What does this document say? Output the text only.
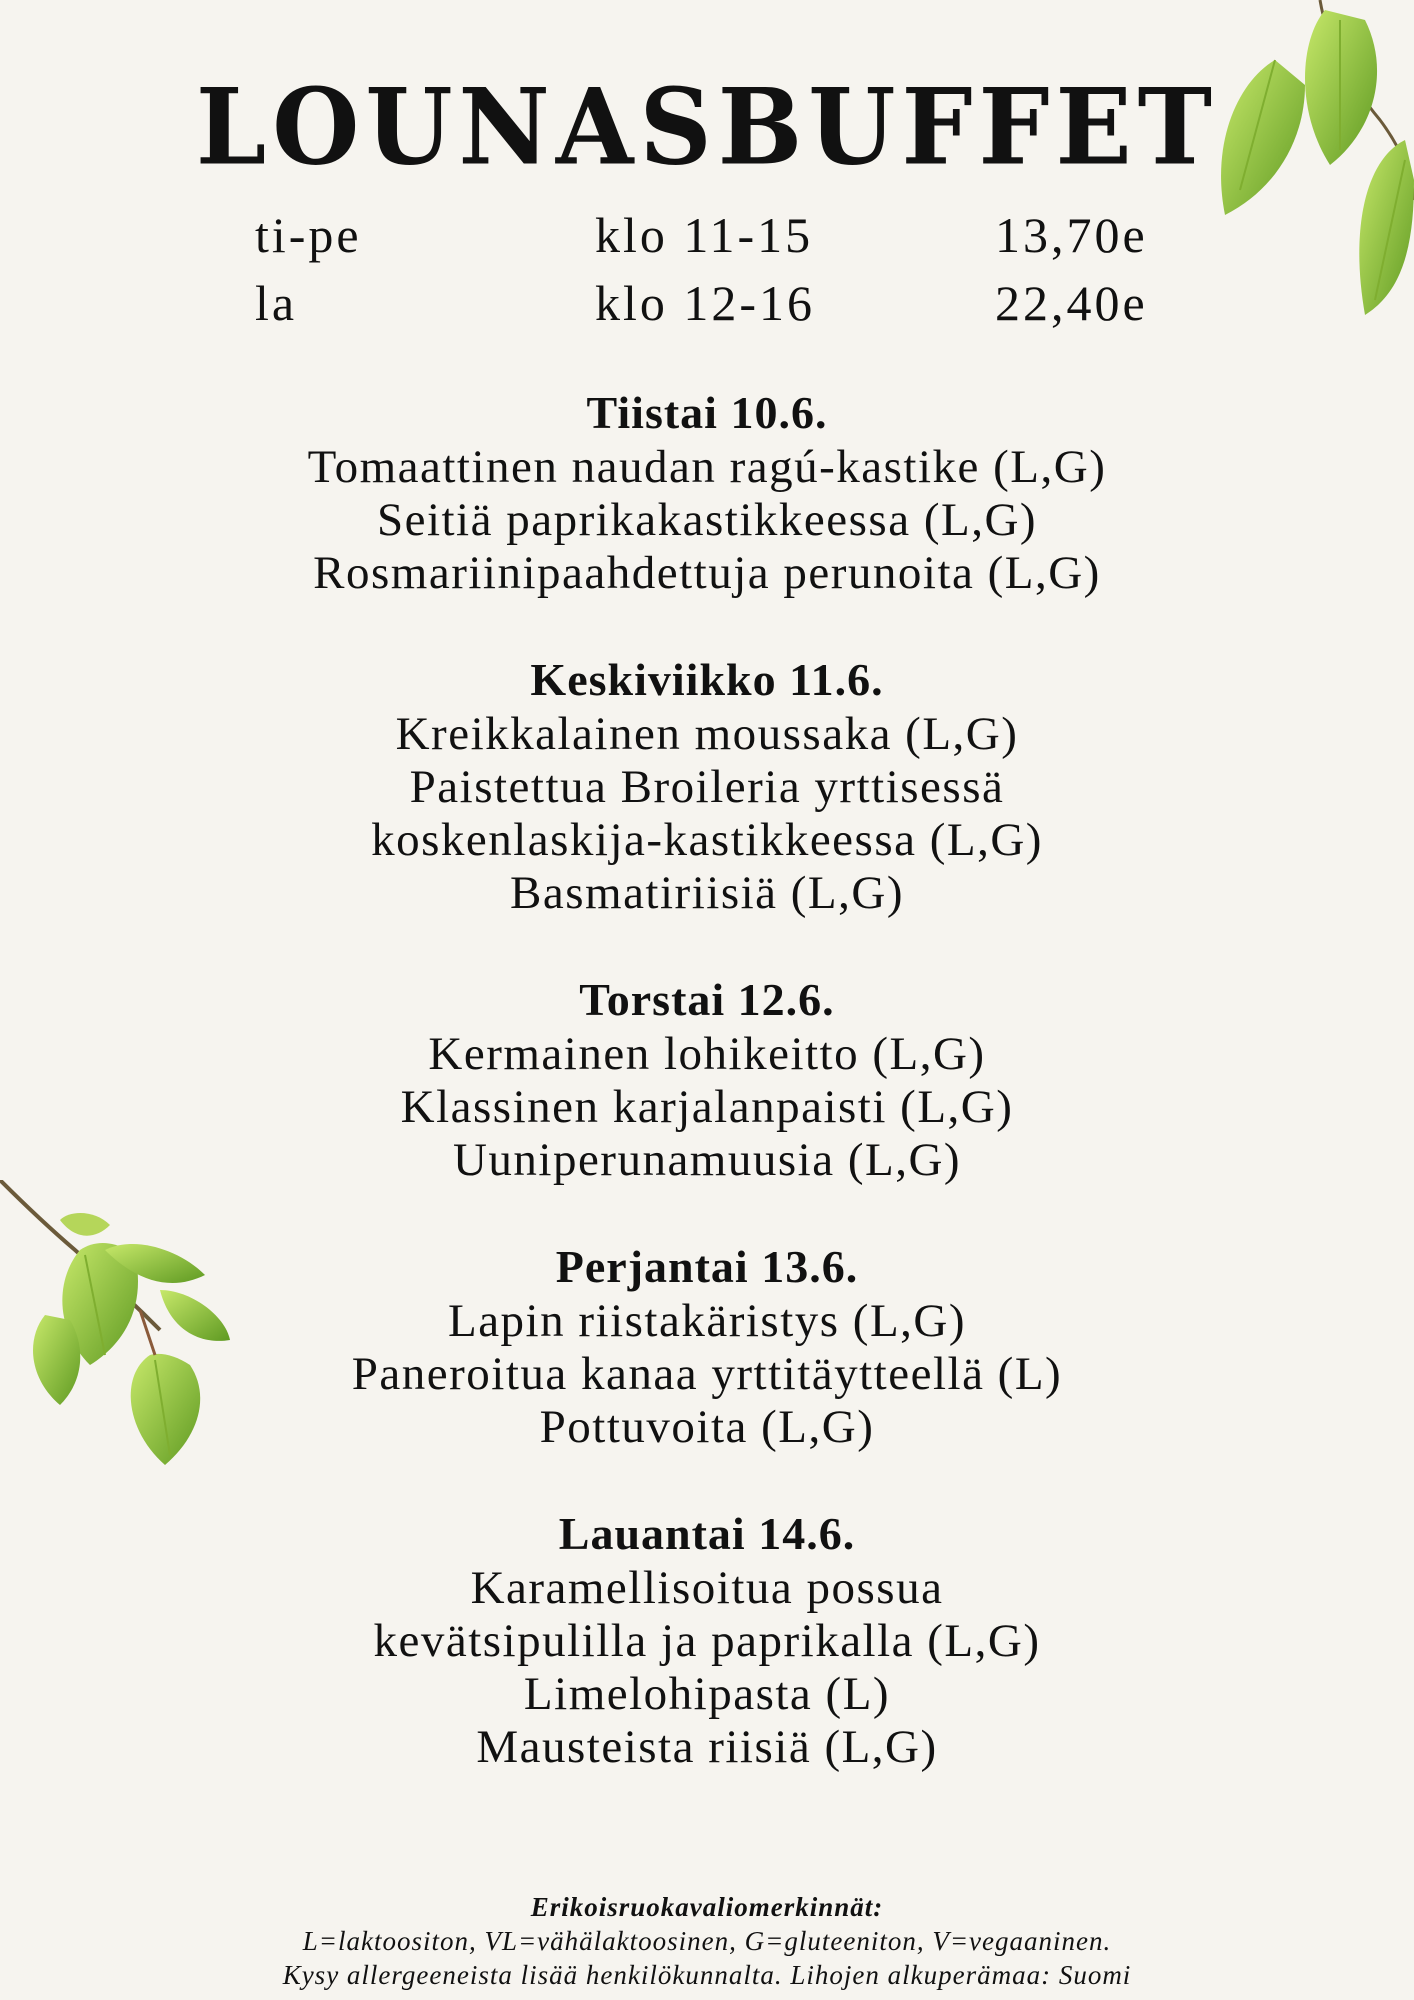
LOUNASBUFFET
ti-pe	klo 11-15	13,70e
la	klo 12-16	22,40e
Tiistai 10.6.
Tomaattinen naudan ragú-kastike (L,G)
Seitiä paprikakastikkeessa (L,G)
Rosmariinipaahdettuja perunoita (L,G)
Keskiviikko 11.6.
Kreikkalainen moussaka (L,G)
Paistettua Broileria yrttisessä
koskenlaskija-kastikkeessa (L,G)
Basmatiriisiä (L,G)
Torstai 12.6.
Kermainen lohikeitto (L,G)
Klassinen karjalanpaisti (L,G)
Uuniperunamuusia (L,G)
Perjantai 13.6.
Lapin riistakäristys (L,G)
Paneroitua kanaa yrttitäytteellä (L)
Pottuvoita (L,G)
Lauantai 14.6.
Karamellisoitua possua
kevätsipulilla ja paprikalla (L,G)
Limelohipasta (L)
Mausteista riisiä (L,G)
Erikoisruokavaliomerkinnät:
L=laktoositon, VL=vähälaktoosinen, G=gluteeniton, V=vegaaninen.
Kysy allergeeneista lisää henkilökunnalta. Lihojen alkuperämaa: Suomi
